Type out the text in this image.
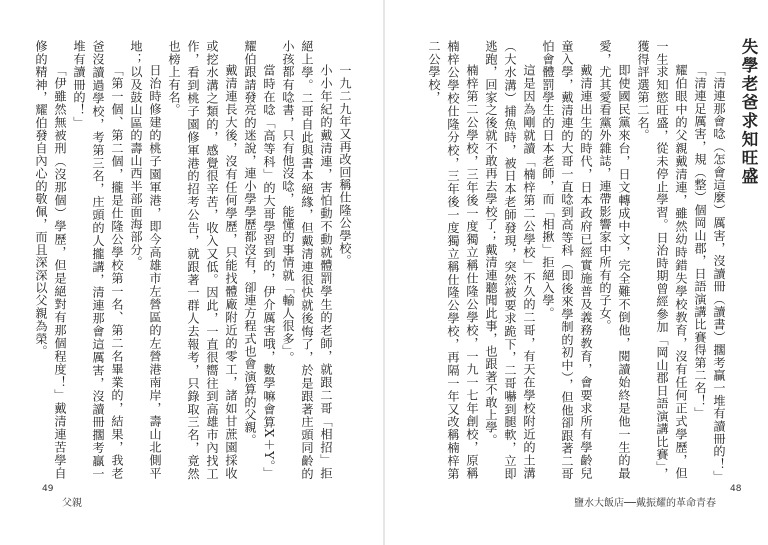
一九二九年又再改回稱仕隆公學校。

小小年紀的戴清連，害怕動不動就體罰學生的老師，就跟二哥「相招」拒絕上學。二哥自此與書本絕緣，但戴清連很快就後悔了，於是跟著庄頭同齡的小孩都有唸書，只有他沒唸，能懂的事情就「輸人很多」。

當時在唸「高等科」的大哥學習到的，伊介厲害哦，數學嘛會算X＋Y。」耀伯跟請發亮的迷說，連小學學歷都沒有，卻連方程式也會演算的父親。

戴清連長大後，沒有任何學歷，只能找體廠附近的零工，諸如甘蔗園採收或挖水溝之類的，感覺很辛苦，收入又低。因此，一直很嚮往到高雄市內找工作，看到桃子園修軍港的招考公告，就跟著一群人去報考，只錄取三名，竟然也榜上有名。

日治時修建的桃子園軍港，即今高雄市左營區的左營港南岸，壽山北側平地；以及鼓山區的壽山西半部面海部分。

「第一個、第二個，攏是仕隆公學校第一名、第二名畢業的，結果，我老爸沒讀過學校，考第三名，庄頭的人攏講，清連那會這厲害，沒讀冊擱考贏一堆有讀冊的！」

「伊雖然無被刑（沒那個）學歷，但是絕對有那個程度！」戴清連苦學自修的精神，耀伯發自內心的敬佩，而且深深以父親為榮。

49
父親
失學老爸求知旺盛

「清連那會唸（怎會這麼）厲害，沒讀冊（讀書）擱考贏一堆有讀冊的！」

「清連足厲害，規（整）個岡山郡，日語演講比賽得第二名！」

耀伯眼中的父親戴清連，雖然幼時錯失學校教育，沒有任何正式學歷，但一生求知慾旺盛，從未停止學習。日治時期曾經參加「岡山郡日語演講比賽」，獲得評選第二名。

即使國民黨來台，日文轉成中文，完全難不倒他，閱讀始終是他一生的最愛，尤其愛看黨外雜誌，連帶影響家中所有的子女。

戴清連出生的時代，日本政府已經實施普及義務教育，會要求所有學齡兒童入學，戴清連的大哥一直唸到高等科（即後來學制的初中），但他卻跟著二哥怕會體罰學生的日本老師，而「相揪」拒絕入學。

這是因為剛就讀「楠梓第二公學校」不久的二哥，有天在學校附近的土溝（大水溝）捕魚時，被日本老師發現，突然被要求跪下，二哥嚇到腿軟，立即逃跑，回家之後就不敢再去學校了；戴清連聽聞此事，也跟著不敢上學。

楠梓第二公學校，三年後一度獨立稱仕隆公學校，一九一七年創校，原稱楠梓公學校仕隆分校，三年後一度獨立稱仕隆公學校，再隔一年又改稱楠梓第二公學校，

48
鹽水大飯店──戴振耀的革命青春
